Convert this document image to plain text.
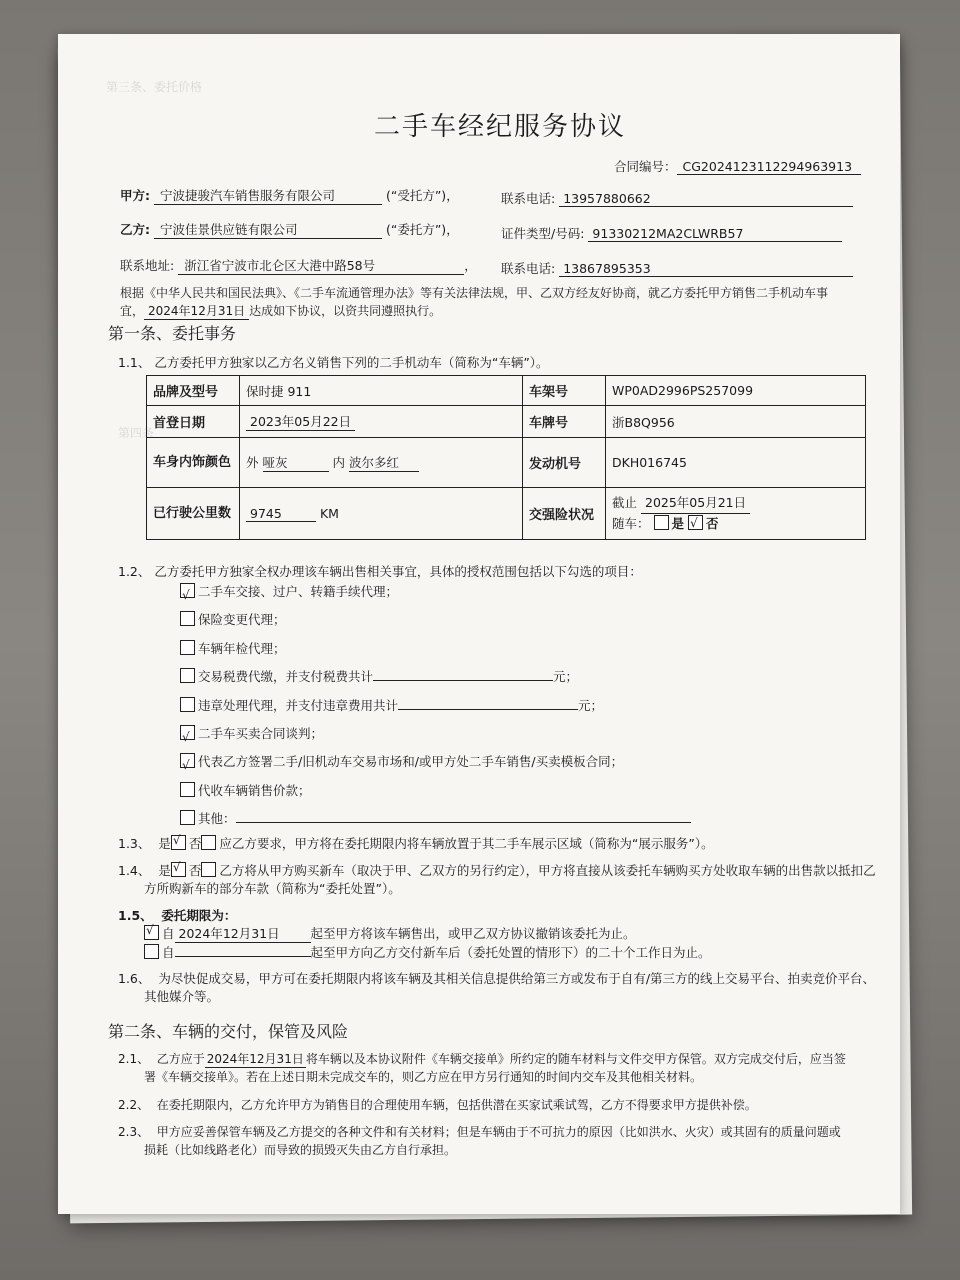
第三条、委托价格
第四条
二手车经纪服务协议
合同编号： CG2024123112294963913
甲方: 宁波捷骏汽车销售服务有限公司	(“受托方”)，	联系电话: 13957880662
乙方: 宁波佳景供应链有限公司	(“委托方”)，	证件类型/号码: 91330212MA2CLWRB57
联系地址: 浙江省宁波市北仑区大港中路58号	， 联系电话: 13867895353
根据《中华人民共和国民法典》、《二手车流通管理办法》等有关法律法规，甲、乙双方经友好协商，就乙方委托甲方销售二手机动车事
宜， 2024年12月31日 达成如下协议，以资共同遵照执行。
第一条、委托事务
1.1、 乙方委托甲方独家以乙方名义销售下列的二手机动车（简称为“车辆”）。
品牌及型号	保时捷 911	车架号	WP0AD2996PS257099
首登日期	2023年05月22日	车牌号	浙B8Q956
车身内饰颜色	外 哑灰 内 波尔多红	发动机号	DKH016745
已行驶公里数	9745 KM	交强险状况	截止 2025年05月21日
随车： 是 √ 否
1.2、 乙方委托甲方独家全权办理该车辆出售相关事宜，具体的授权范围包括以下勾选的项目：
√二手车交接、过户、转籍手续代理；
保险变更代理；
车辆年检代理；
交易税费代缴，并支付税费共计	元；
违章处理代理，并支付违章费用共计	元；
√二手车买卖合同谈判；
√代表乙方签署二手/旧机动车交易市场和/或甲方处二手车销售/买卖模板合同；
代收车辆销售价款；
其他：
1.3、 是 √ 否 应乙方要求，甲方将在委托期限内将车辆放置于其二手车展示区域（简称为“展示服务”）。
1.4、 是 √ 否 乙方将从甲方购买新车（取决于甲、乙双方的另行约定），甲方将直接从该委托车辆购买方处收取车辆的出售款以抵扣乙
方所购新车的部分车款（简称为“委托处置”）。
1.5、 委托期限为：
√自 2024年12月31日 起至甲方将该车辆售出，或甲乙双方协议撤销该委托为止。
自	起至甲方向乙方交付新车后（委托处置的情形下）的二十个工作日为止。
1.6、 为尽快促成交易，甲方可在委托期限内将该车辆及其相关信息提供给第三方或发布于自有/第三方的线上交易平台、拍卖竞价平台、
其他媒介等。
第二条、车辆的交付，保管及风险
2.1、 乙方应于 2024年12月31日 将车辆以及本协议附件《车辆交接单》所约定的随车材料与文件交甲方保管。双方完成交付后，应当签
署《车辆交接单》。若在上述日期未完成交车的，则乙方应在甲方另行通知的时间内交车及其他相关材料。
2.2、 在委托期限内，乙方允许甲方为销售目的合理使用车辆，包括供潜在买家试乘试驾，乙方不得要求甲方提供补偿。
2.3、 甲方应妥善保管车辆及乙方提交的各种文件和有关材料；但是车辆由于不可抗力的原因（比如洪水、火灾）或其固有的质量问题或
损耗（比如线路老化）而导致的损毁灭失由乙方自行承担。
